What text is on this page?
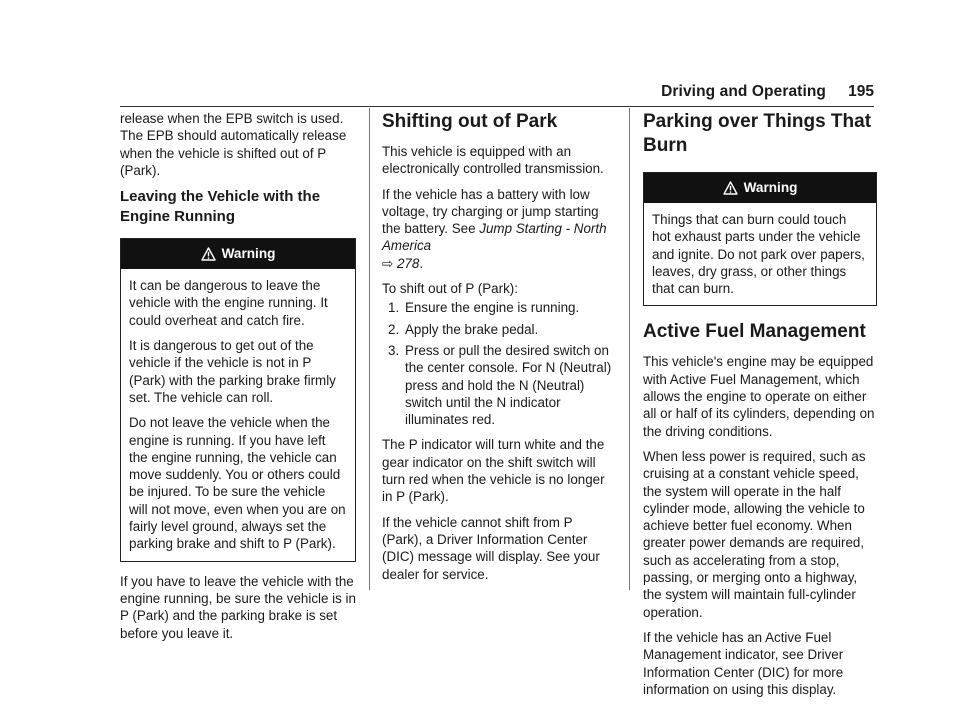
Driving and Operating 195

release when the EPB switch is used. The EPB should automatically release when the vehicle is shifted out of P (Park).

Leaving the Vehicle with the Engine Running
Warning

It can be dangerous to leave the vehicle with the engine running. It could overheat and catch fire.

It is dangerous to get out of the vehicle if the vehicle is not in P (Park) with the parking brake firmly set. The vehicle can roll.

Do not leave the vehicle when the engine is running. If you have left the engine running, the vehicle can move suddenly. You or others could be injured. To be sure the vehicle will not move, even when you are on fairly level ground, always set the parking brake and shift to P (Park).

If you have to leave the vehicle with the engine running, be sure the vehicle is in P (Park) and the parking brake is set before you leave it.

Shifting out of Park

This vehicle is equipped with an electronically controlled transmission.

If the vehicle has a battery with low voltage, try charging or jump starting the battery. See Jump Starting - North America
⇨ 278.

To shift out of P (Park):

1. Ensure the engine is running.
2. Apply the brake pedal.
3. Press or pull the desired switch on the center console. For N (Neutral) press and hold the N (Neutral) switch until the N indicator illuminates red.

The P indicator will turn white and the gear indicator on the shift switch will turn red when the vehicle is no longer in P (Park).

If the vehicle cannot shift from P (Park), a Driver Information Center (DIC) message will display. See your dealer for service.

Parking over Things That Burn
Warning

Things that can burn could touch hot exhaust parts under the vehicle and ignite. Do not park over papers, leaves, dry grass, or other things that can burn.

Active Fuel Management

This vehicle's engine may be equipped with Active Fuel Management, which allows the engine to operate on either all or half of its cylinders, depending on the driving conditions.

When less power is required, such as cruising at a constant vehicle speed, the system will operate in the half cylinder mode, allowing the vehicle to achieve better fuel economy. When greater power demands are required, such as accelerating from a stop, passing, or merging onto a highway, the system will maintain full-cylinder operation.

If the vehicle has an Active Fuel Management indicator, see Driver Information Center (DIC) for more information on using this display.
